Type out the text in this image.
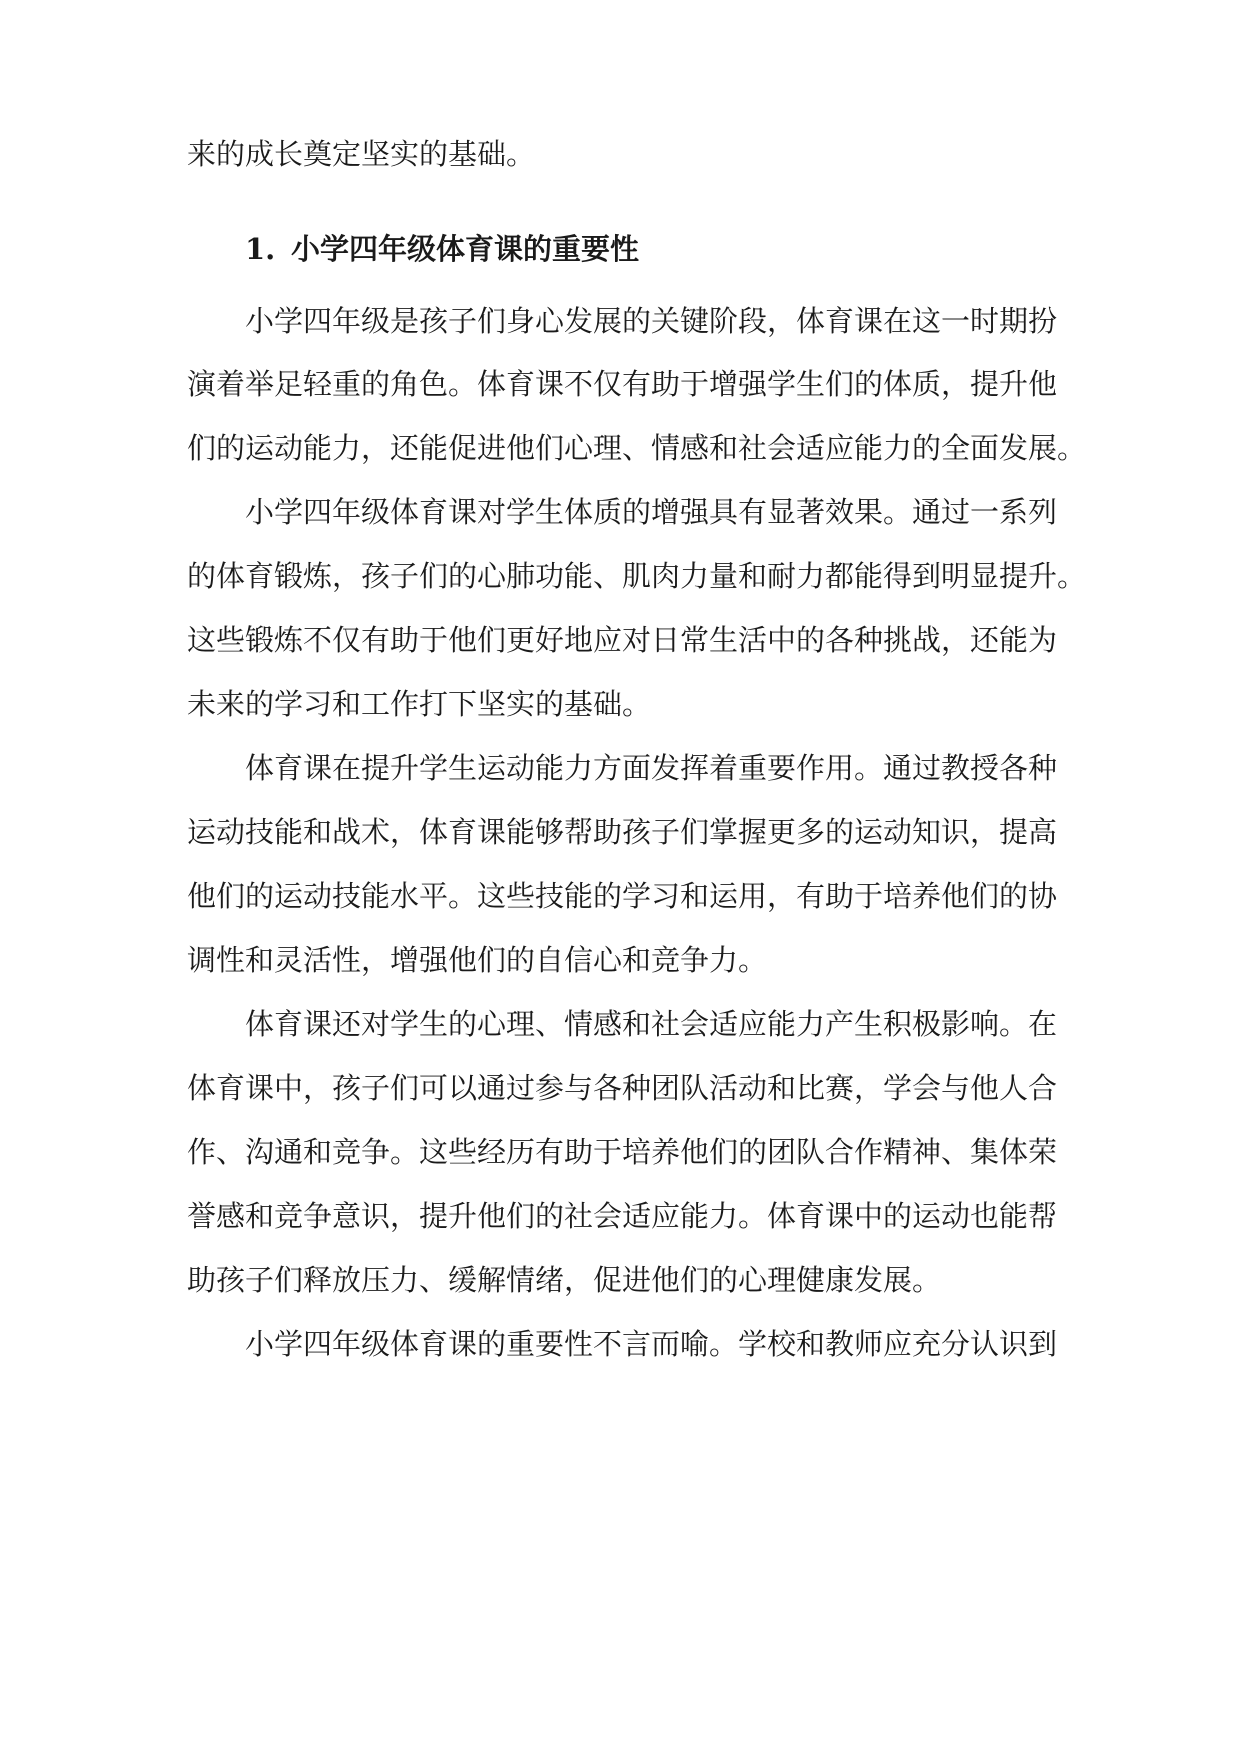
来的成长奠定坚实的基础。
1. 小学四年级体育课的重要性
小学四年级是孩子们身心发展的关键阶段，体育课在这一时期扮
演着举足轻重的角色。体育课不仅有助于增强学生们的体质，提升他
们的运动能力，还能促进他们心理、情感和社会适应能力的全面发展。
小学四年级体育课对学生体质的增强具有显著效果。通过一系列
的体育锻炼，孩子们的心肺功能、肌肉力量和耐力都能得到明显提升。
这些锻炼不仅有助于他们更好地应对日常生活中的各种挑战，还能为
未来的学习和工作打下坚实的基础。
体育课在提升学生运动能力方面发挥着重要作用。通过教授各种
运动技能和战术，体育课能够帮助孩子们掌握更多的运动知识，提高
他们的运动技能水平。这些技能的学习和运用，有助于培养他们的协
调性和灵活性，增强他们的自信心和竞争力。
体育课还对学生的心理、情感和社会适应能力产生积极影响。在
体育课中，孩子们可以通过参与各种团队活动和比赛，学会与他人合
作、沟通和竞争。这些经历有助于培养他们的团队合作精神、集体荣
誉感和竞争意识，提升他们的社会适应能力。体育课中的运动也能帮
助孩子们释放压力、缓解情绪，促进他们的心理健康发展。
小学四年级体育课的重要性不言而喻。学校和教师应充分认识到
